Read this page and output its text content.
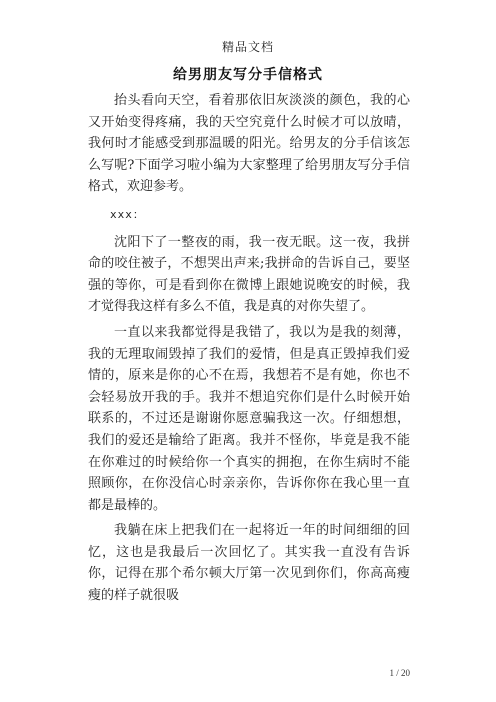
精品文档
给男朋友写分手信格式

抬头看向天空，看着那依旧灰淡淡的颜色，我的心又开始变得疼痛，我的天空究竟什么时候才可以放晴，我何时才能感受到那温暖的阳光。给男友的分手信该怎么写呢?下面学习啦小编为大家整理了给男朋友写分手信格式，欢迎参考。

xxx：

沈阳下了一整夜的雨，我一夜无眠。这一夜，我拼命的咬住被子，不想哭出声来;我拼命的告诉自己，要坚强的等你，可是看到你在微博上跟她说晚安的时候，我才觉得我这样有多么不值，我是真的对你失望了。

一直以来我都觉得是我错了，我以为是我的刻薄，我的无理取闹毁掉了我们的爱情，但是真正毁掉我们爱情的，原来是你的心不在焉，我想若不是有她，你也不会轻易放开我的手。我并不想追究你们是什么时候开始联系的，不过还是谢谢你愿意骗我这一次。仔细想想，我们的爱还是输给了距离。我并不怪你，毕竟是我不能在你难过的时候给你一个真实的拥抱，在你生病时不能照顾你，在你没信心时亲亲你，告诉你你在我心里一直都是最棒的。

我躺在床上把我们在一起将近一年的时间细细的回忆，这也是我最后一次回忆了。其实我一直没有告诉你，记得在那个希尔顿大厅第一次见到你们，你高高瘦瘦的样子就很吸

1 / 20
